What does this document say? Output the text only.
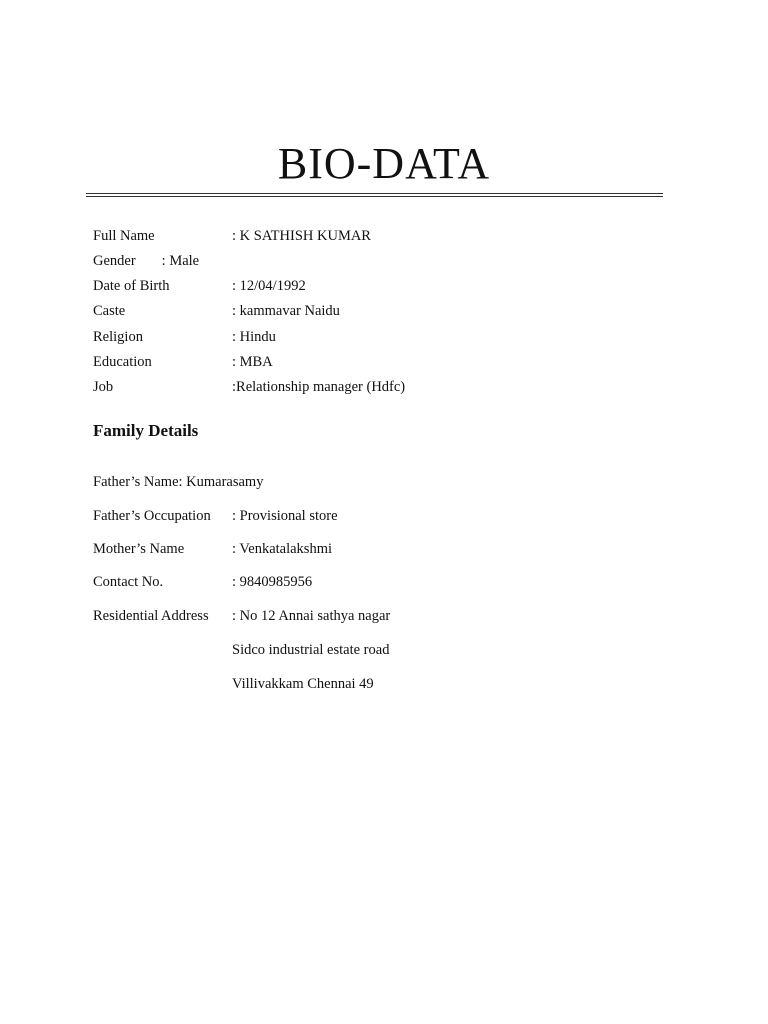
BIO-DATA
Full Name	: K SATHISH KUMAR
Gender : Male
Date of Birth	: 12/04/1992
Caste	: kammavar Naidu
Religion	: Hindu
Education	: MBA
Job	:Relationship manager (Hdfc)
Family Details
Father’s Name: Kumarasamy
Father’s Occupation : Provisional store
Mother’s Name	: Venkatalakshmi
Contact No.	: 9840985956
Residential Address : No 12 Annai sathya nagar
Sidco industrial estate road
Villivakkam Chennai 49
